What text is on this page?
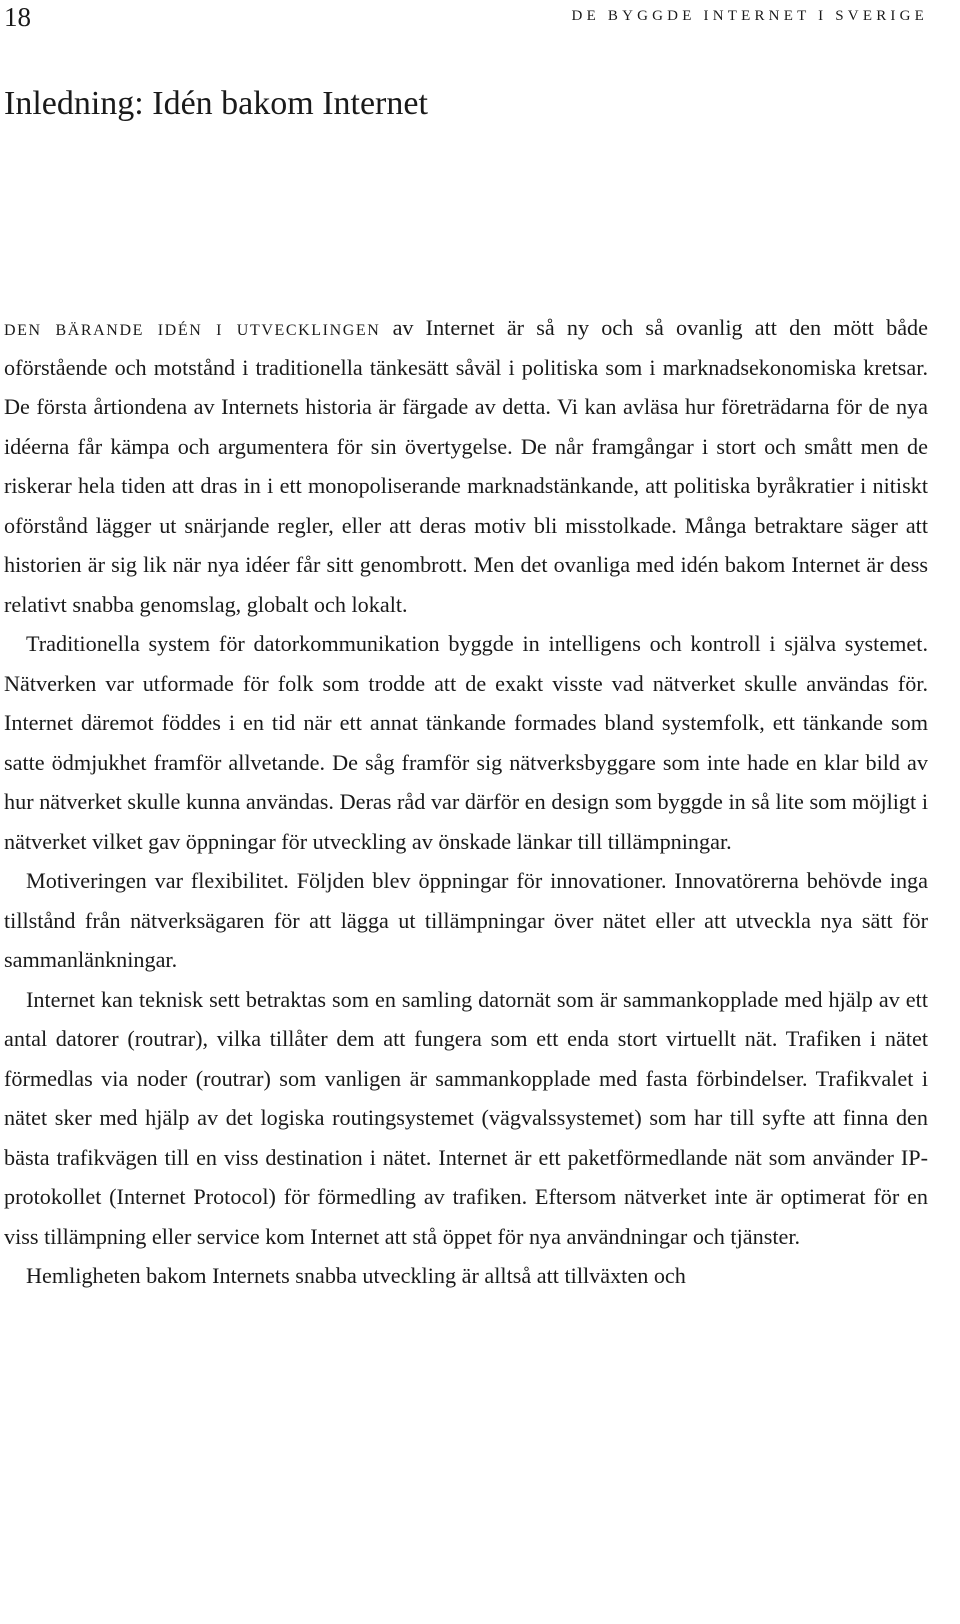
18	DE BYGGDE INTERNET I SVERIGE
Inledning: Idén bakom Internet

den bärande idén i utvecklingen av Internet är så ny och så ovanlig att den mött både oförstående och motstånd i traditionella tänkesätt såväl i politiska som i marknadsekonomiska kretsar. De första årtiondena av Internets historia är färgade av detta. Vi kan avläsa hur företrädarna för de nya idéerna får kämpa och argumentera för sin övertygelse. De når framgångar i stort och smått men de riskerar hela tiden att dras in i ett monopoliserande marknadstänkande, att politiska byråkratier i nitiskt oförstånd lägger ut snärjande regler, eller att deras motiv bli misstolkade. Många betraktare säger att historien är sig lik när nya idéer får sitt genombrott. Men det ovanliga med idén bakom Internet är dess relativt snabba genomslag, globalt och lokalt.

Traditionella system för datorkommunikation byggde in intelligens och kontroll i själva systemet. Nätverken var utformade för folk som trodde att de exakt visste vad nätverket skulle användas för. Internet däremot föddes i en tid när ett annat tänkande formades bland systemfolk, ett tänkande som satte ödmjukhet framför allvetande. De såg framför sig nätverksbyggare som inte hade en klar bild av hur nätverket skulle kunna användas. Deras råd var därför en design som byggde in så lite som möjligt i nätverket vilket gav öppningar för utveckling av önskade länkar till tillämpningar.

Motiveringen var flexibilitet. Följden blev öppningar för innovationer. Innovatörerna behövde inga tillstånd från nätverksägaren för att lägga ut tillämpningar över nätet eller att utveckla nya sätt för sammanlänkningar.

Internet kan teknisk sett betraktas som en samling datornät som är sammankopplade med hjälp av ett antal datorer (routrar), vilka tillåter dem att fungera som ett enda stort virtuellt nät. Trafiken i nätet förmedlas via noder (routrar) som vanligen är sammankopplade med fasta förbindelser. Trafikvalet i nätet sker med hjälp av det logiska routingsystemet (vägvalssystemet) som har till syfte att finna den bästa trafikvägen till en viss destination i nätet. Internet är ett paketförmedlande nät som använder IP-protokollet (Internet Protocol) för förmedling av trafiken. Eftersom nätverket inte är optimerat för en viss tillämpning eller service kom Internet att stå öppet för nya användningar och tjänster.

Hemligheten bakom Internets snabba utveckling är alltså att tillväxten och
